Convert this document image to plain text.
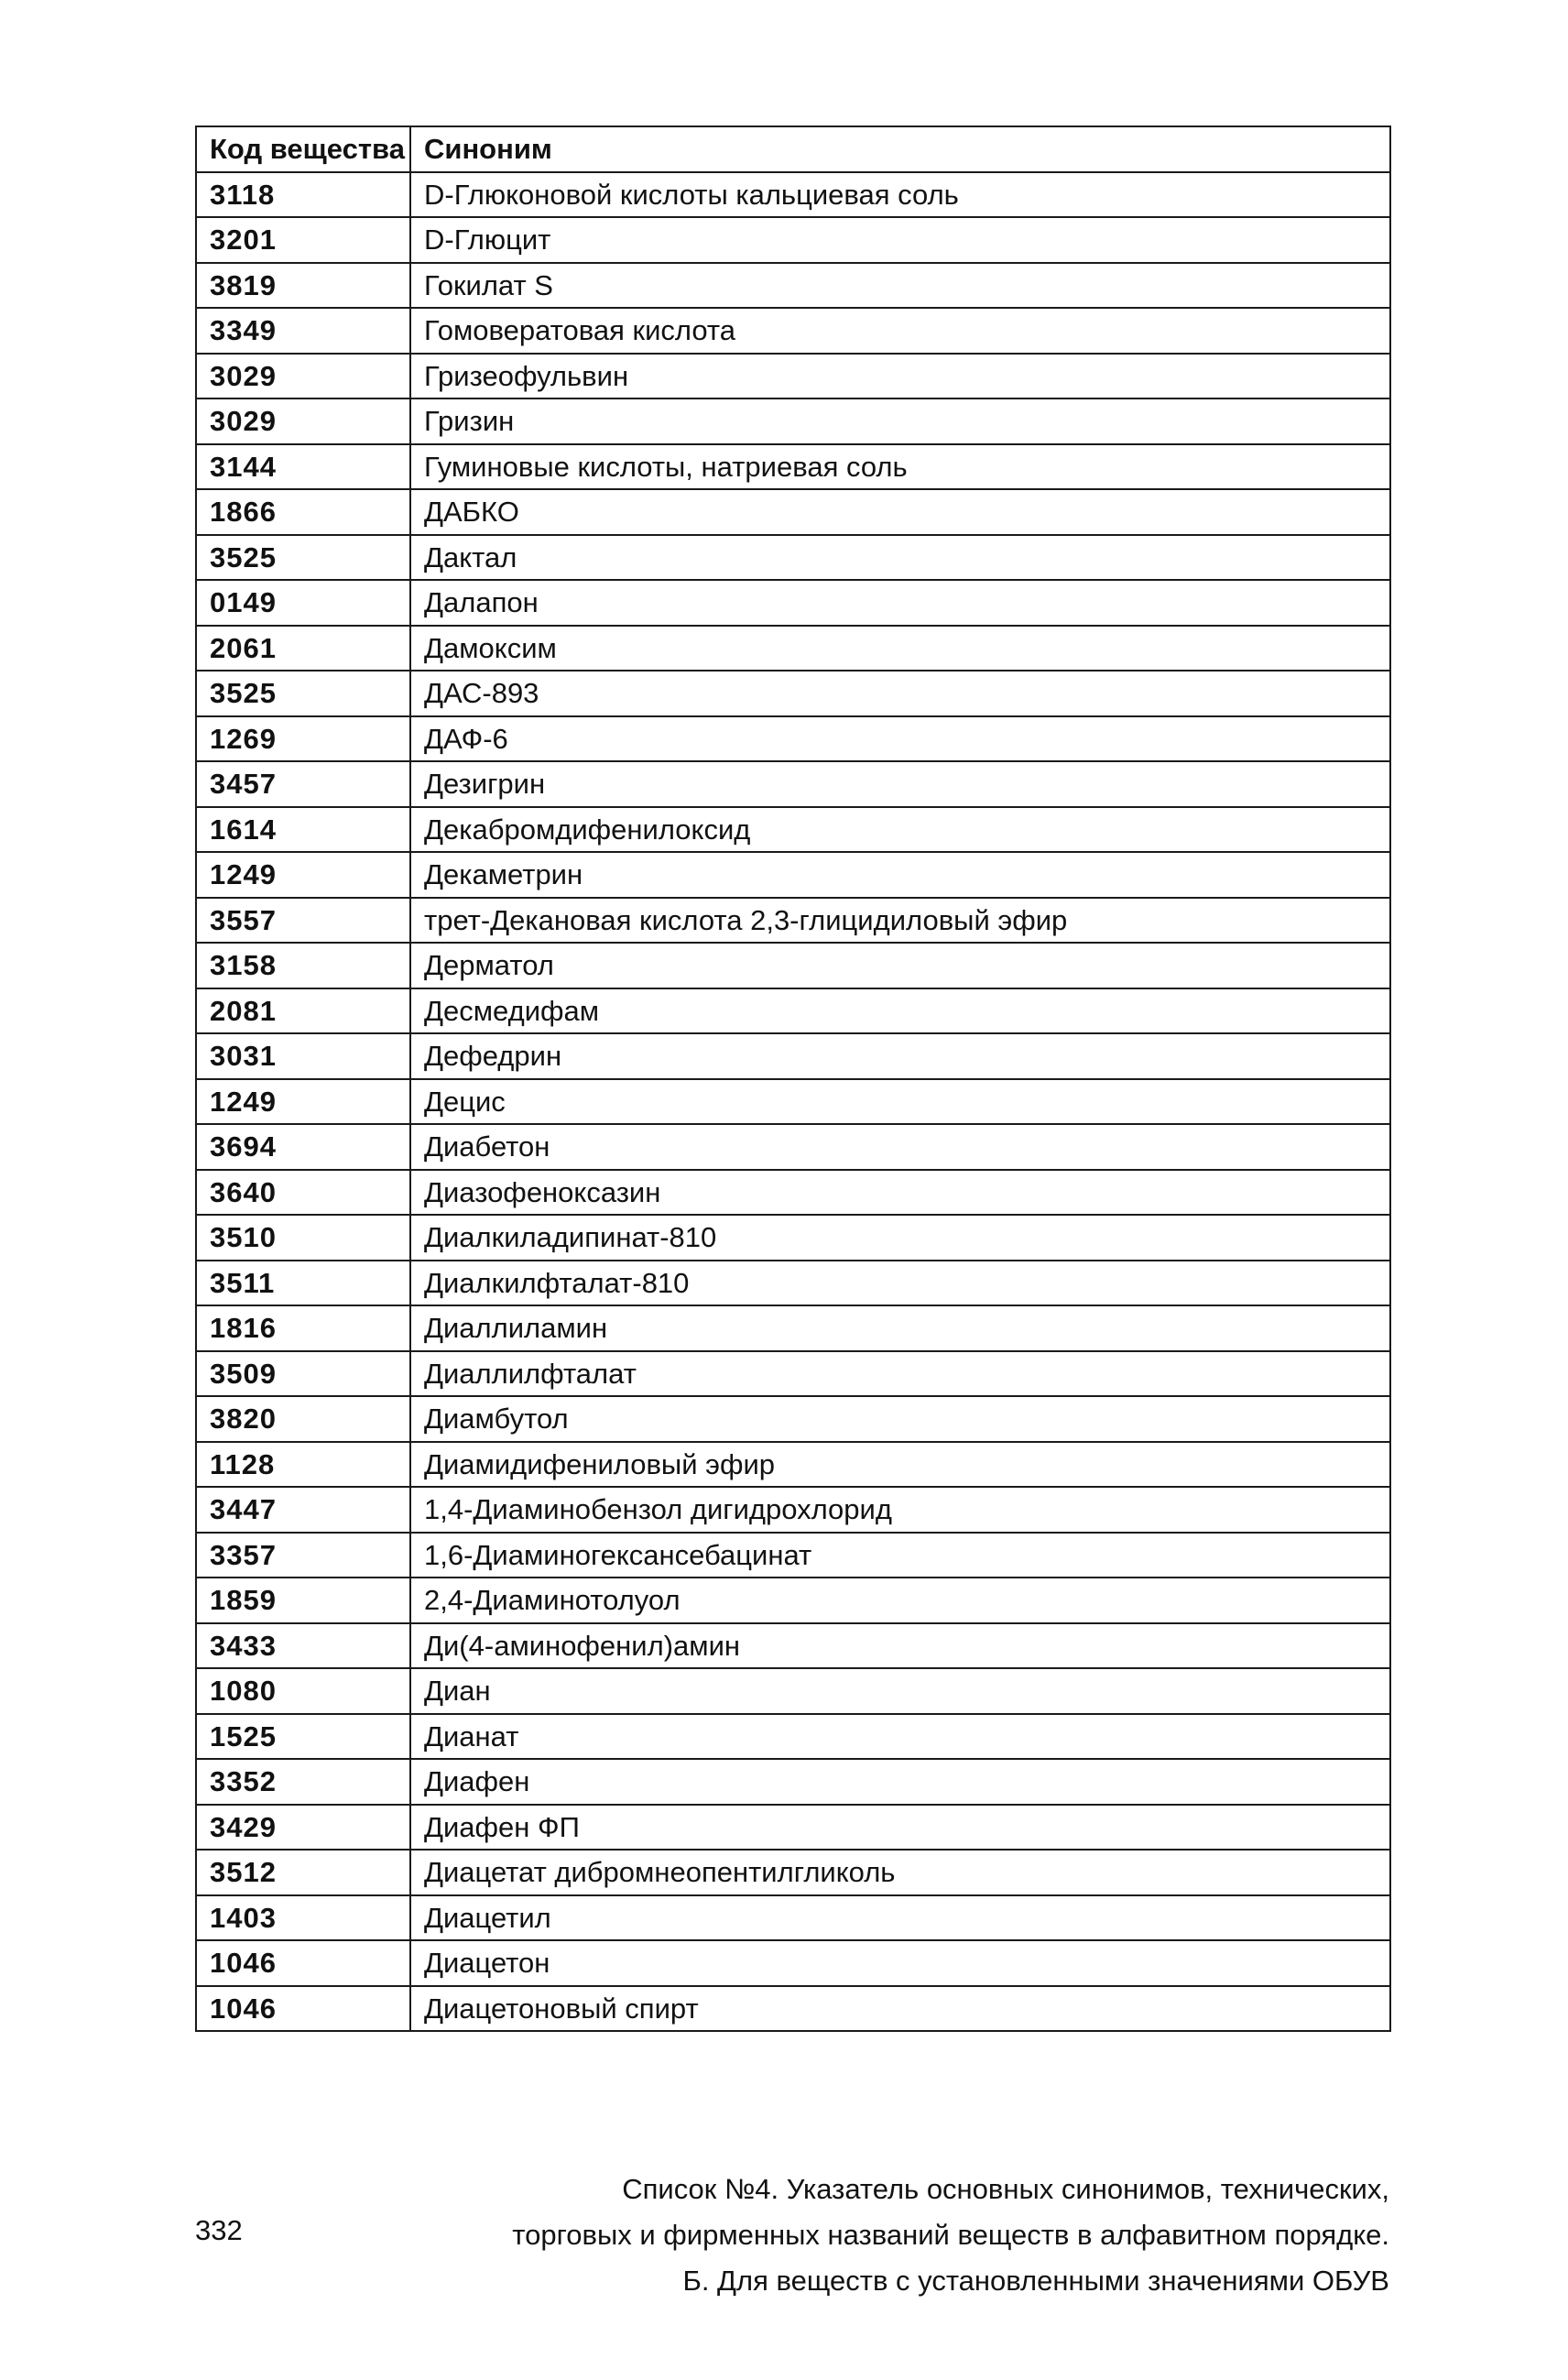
Код вещества	Синоним
3118	D-Глюконовой кислоты кальциевая соль
3201	D-Глюцит
3819	Гокилат S
3349	Гомовератовая кислота
3029	Гризеофульвин
3029	Гризин
3144	Гуминовые кислоты, натриевая соль
1866	ДАБКО
3525	Дактал
0149	Далапон
2061	Дамоксим
3525	ДАС-893
1269	ДАФ-6
3457	Дезигрин
1614	Декабромдифенилоксид
1249	Декаметрин
3557	трет-Декановая кислота 2,3-глицидиловый эфир
3158	Дерматол
2081	Десмедифам
3031	Дефедрин
1249	Децис
3694	Диабетон
3640	Диазофеноксазин
3510	Диалкиладипинат-810
3511	Диалкилфталат-810
1816	Диаллиламин
3509	Диаллилфталат
3820	Диамбутол
1128	Диамидифениловый эфир
3447	1,4-Диаминобензол дигидрохлорид
3357	1,6-Диаминогексансебацинат
1859	2,4-Диаминотолуол
3433	Ди(4-аминофенил)амин
1080	Диан
1525	Дианат
3352	Диафен
3429	Диафен ФП
3512	Диацетат дибромнеопентилгликоль
1403	Диацетил
1046	Диацетон
1046	Диацетоновый спирт
332
Список №4. Указатель основных синонимов, технических,
торговых и фирменных названий веществ в алфавитном порядке.
Б. Для веществ с установленными значениями ОБУВ
